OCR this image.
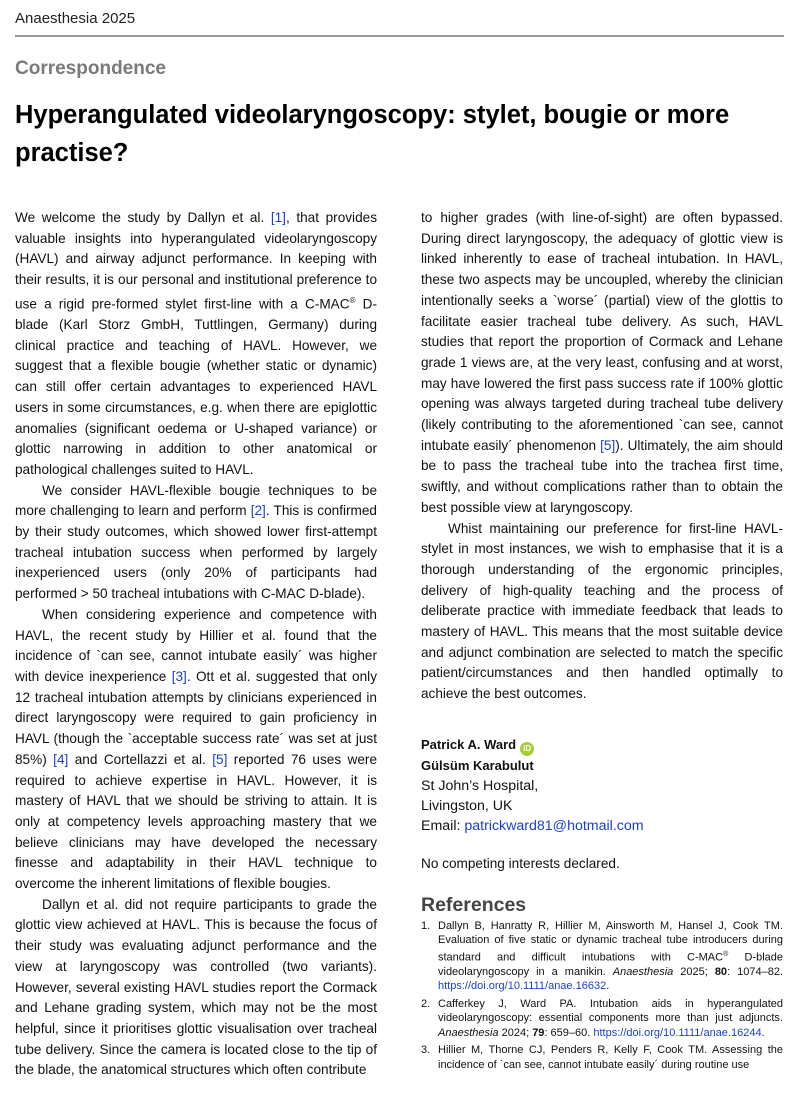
Anaesthesia 2025
Correspondence
Hyperangulated videolaryngoscopy: stylet, bougie or more practise?

We welcome the study by Dallyn et al. [1], that provides valuable insights into hyperangulated videolaryngoscopy (HAVL) and airway adjunct performance. In keeping with their results, it is our personal and institutional preference to use a rigid pre-formed stylet first-line with a C-MAC® D-blade (Karl Storz GmbH, Tuttlingen, Germany) during clinical practice and teaching of HAVL. However, we suggest that a flexible bougie (whether static or dynamic) can still offer certain advantages to experienced HAVL users in some circumstances, e.g. when there are epiglottic anomalies (significant oedema or U-shaped variance) or glottic narrowing in addition to other anatomical or pathological challenges suited to HAVL.

We consider HAVL-flexible bougie techniques to be more challenging to learn and perform [2]. This is confirmed by their study outcomes, which showed lower first-attempt tracheal intubation success when performed by largely inexperienced users (only 20% of participants had performed > 50 tracheal intubations with C-MAC D-blade).

When considering experience and competence with HAVL, the recent study by Hillier et al. found that the incidence of `can see, cannot intubate easily´ was higher with device inexperience [3]. Ott et al. suggested that only 12 tracheal intubation attempts by clinicians experienced in direct laryngoscopy were required to gain proficiency in HAVL (though the `acceptable success rate´ was set at just 85%) [4] and Cortellazzi et al. [5] reported 76 uses were required to achieve expertise in HAVL. However, it is mastery of HAVL that we should be striving to attain. It is only at competency levels approaching mastery that we believe clinicians may have developed the necessary finesse and adaptability in their HAVL technique to overcome the inherent limitations of flexible bougies.

Dallyn et al. did not require participants to grade the glottic view achieved at HAVL. This is because the focus of their study was evaluating adjunct performance and the view at laryngoscopy was controlled (two variants). However, several existing HAVL studies report the Cormack and Lehane grading system, which may not be the most helpful, since it prioritises glottic visualisation over tracheal tube delivery. Since the camera is located close to the tip of the blade, the anatomical structures which often contribute

to higher grades (with line-of-sight) are often bypassed. During direct laryngoscopy, the adequacy of glottic view is linked inherently to ease of tracheal intubation. In HAVL, these two aspects may be uncoupled, whereby the clinician intentionally seeks a `worse´ (partial) view of the glottis to facilitate easier tracheal tube delivery. As such, HAVL studies that report the proportion of Cormack and Lehane grade 1 views are, at the very least, confusing and at worst, may have lowered the first pass success rate if 100% glottic opening was always targeted during tracheal tube delivery (likely contributing to the aforementioned `can see, cannot intubate easily´ phenomenon [5]). Ultimately, the aim should be to pass the tracheal tube into the trachea first time, swiftly, and without complications rather than to obtain the best possible view at laryngoscopy.

Whist maintaining our preference for first-line HAVL-stylet in most instances, we wish to emphasise that it is a thorough understanding of the ergonomic principles, delivery of high-quality teaching and the process of deliberate practice with immediate feedback that leads to mastery of HAVL. This means that the most suitable device and adjunct combination are selected to match the specific patient/circumstances and then handled optimally to achieve the best outcomes.

Patrick A. Ward iD
Gülsüm Karabulut
St John’s Hospital,
Livingston, UK
Email: patrickward81@hotmail.com
No competing interests declared.
References
1. Dallyn B, Hanratty R, Hillier M, Ainsworth M, Hansel J, Cook TM. Evaluation of five static or dynamic tracheal tube introducers during standard and difficult intubations with C-MAC® D-blade videolaryngoscopy in a manikin. Anaesthesia 2025; 80: 1074–82. https://doi.org/10.1111/anae.16632.
2. Cafferkey J, Ward PA. Intubation aids in hyperangulated videolaryngoscopy: essential components more than just adjuncts. Anaesthesia 2024; 79: 659–60. https://doi.org/10.1111/anae.16244.
3. Hillier M, Thorne CJ, Penders R, Kelly F, Cook TM. Assessing the incidence of `can see, cannot intubate easily´ during routine use
